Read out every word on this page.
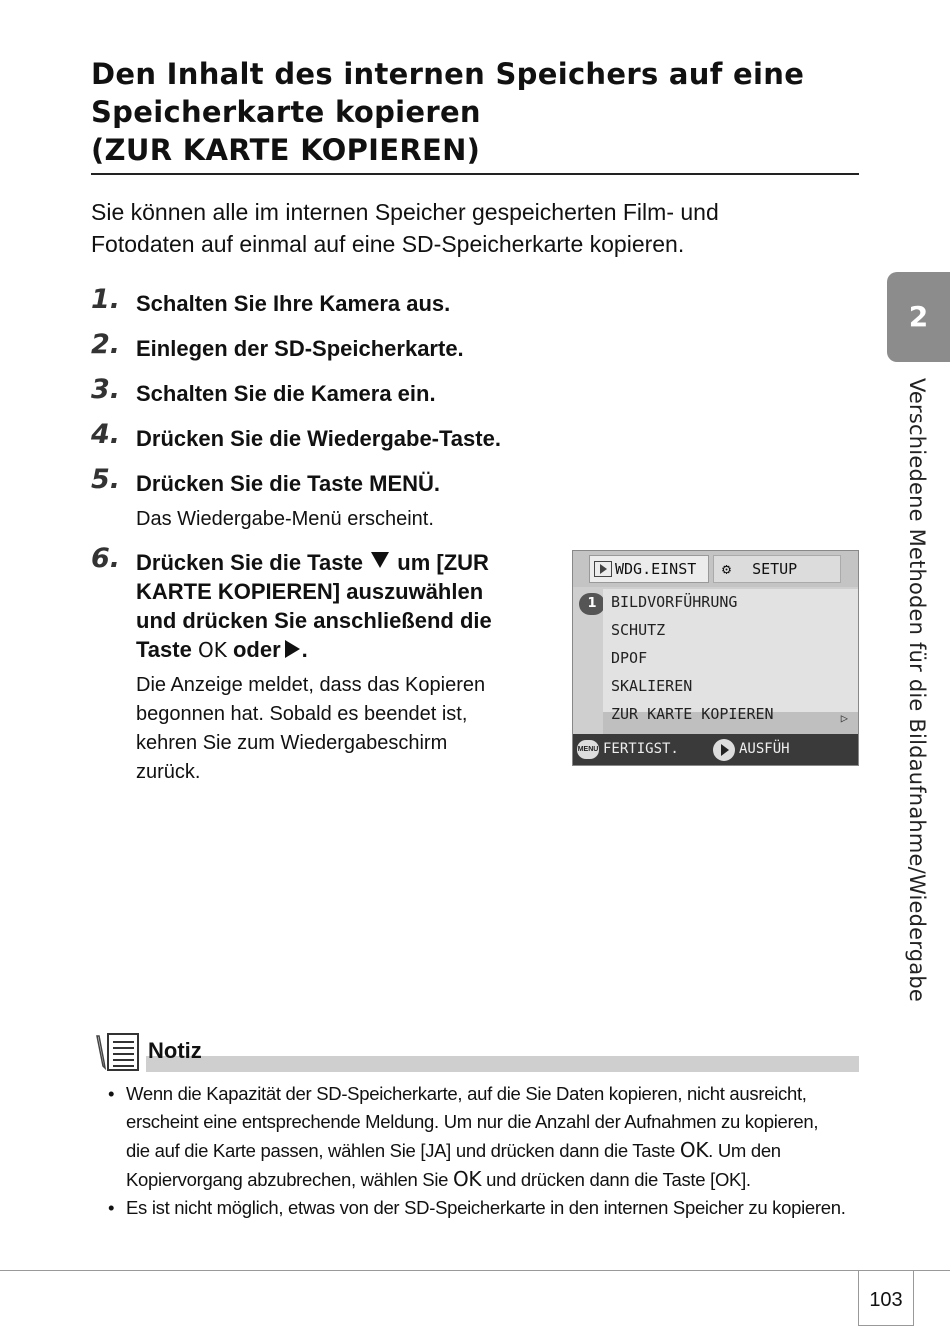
Den Inhalt des internen Speichers auf eine
Speicherkarte kopieren
(ZUR KARTE KOPIEREN)

Sie können alle im internen Speicher gespeicherten Film- und
Fotodaten auf einmal auf eine SD-Speicherkarte kopieren.

1. Schalten Sie Ihre Kamera aus.
2. Einlegen der SD-Speicherkarte.
3. Schalten Sie die Kamera ein.
4. Drücken Sie die Wiedergabe-Taste.
5. Drücken Sie die Taste MENÜ.
Das Wiedergabe-Menü erscheint.
6. Drücken Sie die Taste um [ZUR
KARTE KOPIEREN] auszuwählen
und drücken Sie anschließend die
Taste OK oder .
Die Anzeige meldet, dass das Kopieren
begonnen hat. Sobald es beendet ist,
kehren Sie zum Wiedergabeschirm
zurück.
WDG.EINST	⚙ SETUP
1 BILDVORFÜHRUNG
SCHUTZ
DPOF
SKALIEREN
ZUR KARTE KOPIEREN	▷
MENU FERTIGST.	AUSFÜH
2
Verschiedene Methoden für die Bildaufnahme/Wiedergabe
Notiz
• Wenn die Kapazität der SD-Speicherkarte, auf die Sie Daten kopieren, nicht ausreicht,
erscheint eine entsprechende Meldung. Um nur die Anzahl der Aufnahmen zu kopieren,
die auf die Karte passen, wählen Sie [JA] und drücken dann die Taste OK. Um den
Kopiervorgang abzubrechen, wählen Sie OK und drücken dann die Taste [OK].
• Es ist nicht möglich, etwas von der SD-Speicherkarte in den internen Speicher zu kopieren.
103
